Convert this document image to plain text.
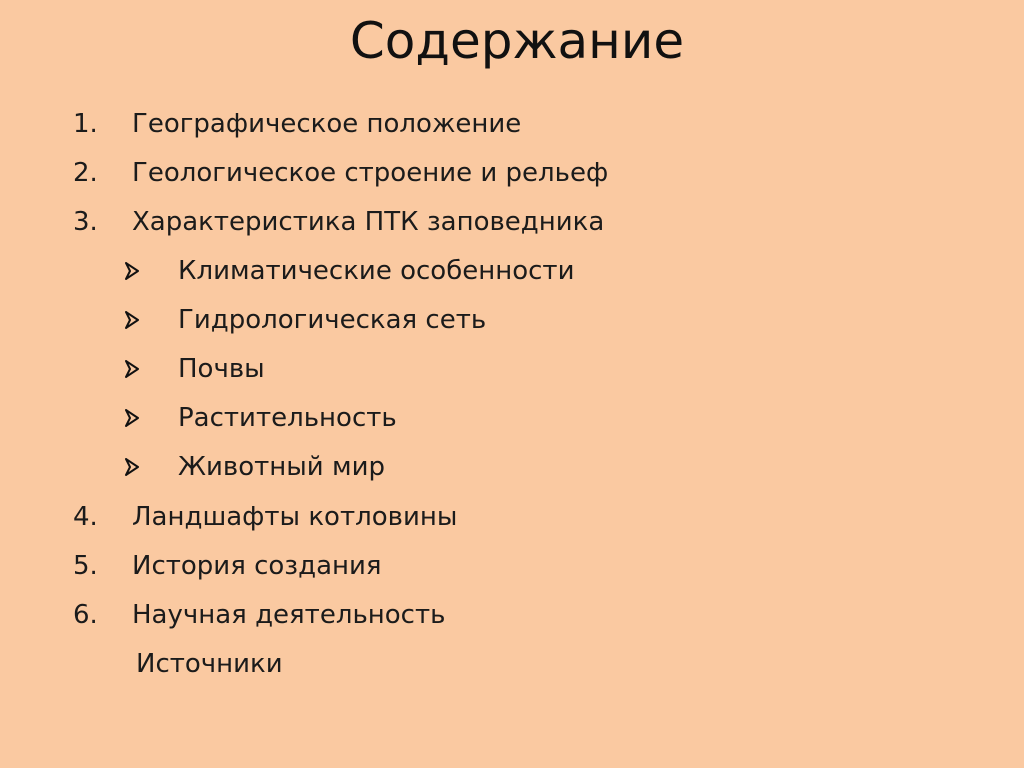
Содержание
1. Географическое положение
2. Геологическое строение и рельеф
3. Характеристика ПТК заповедника
Климатические особенности
Гидрологическая сеть
Почвы
Растительность
Животный мир
4. Ландшафты котловины
5. История создания
6. Научная деятельность
Источники
